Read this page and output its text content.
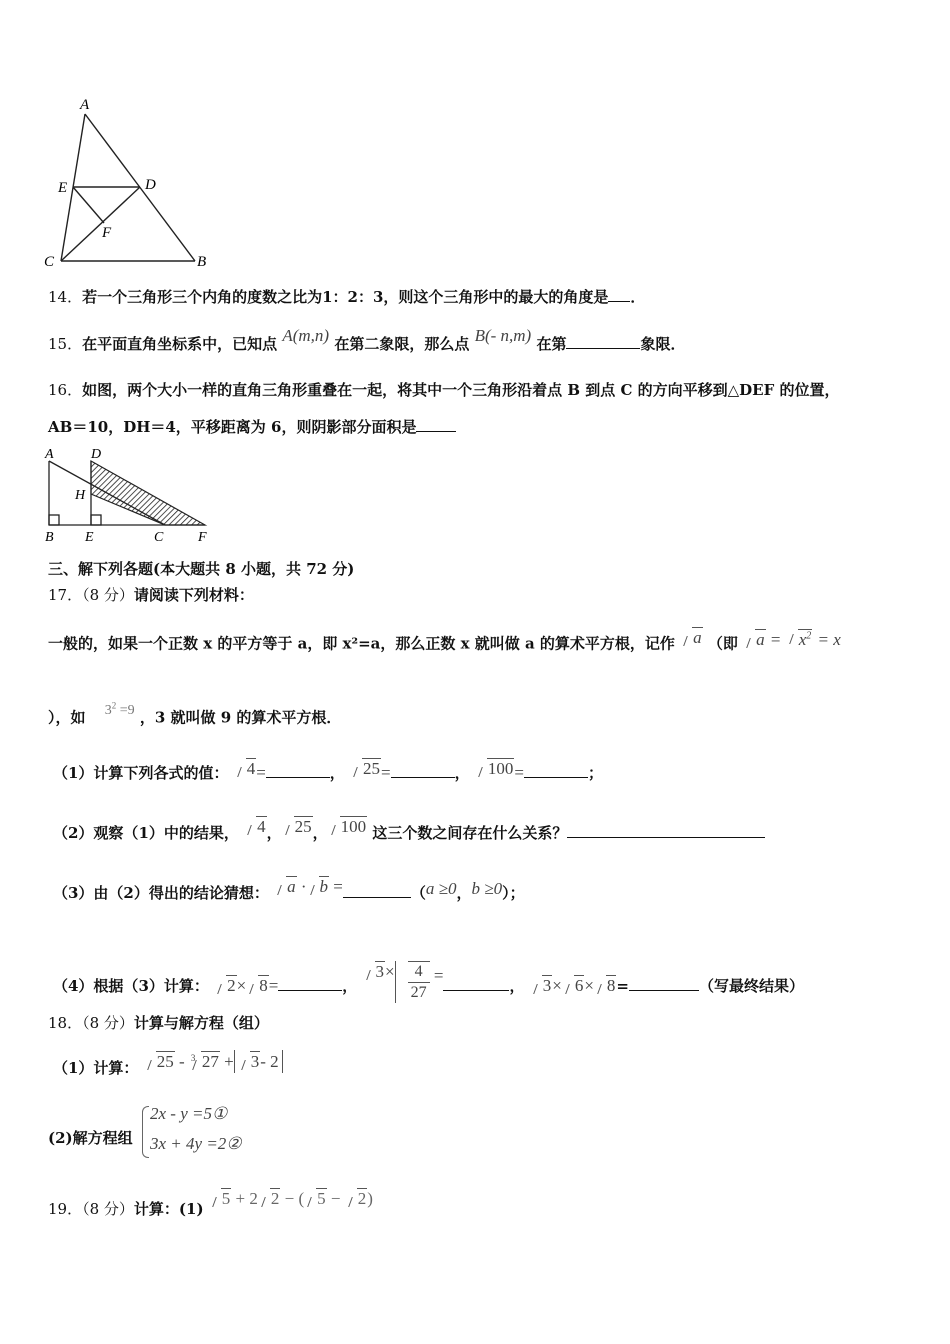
A
E	D
F
C	B
14．若一个三角形三个内角的度数之比为1：2：3，则这个三角形中的最大的角度是 ．
15．在平面直角坐标系中，已知点 A(m,n) 在第二象限，那么点 B(- n,m) 在第	象限．
16．如图，两个大小一样的直角三角形重叠在一起，将其中一个三角形沿着点 B 到点 C 的方向平移到△DEF 的位置，
AB＝10，DH＝4，平移距离为 6，则阴影部分面积是
A	D
H
B E	C F
三、解下列各题(本大题共 8 小题，共 72 分)
17．（8 分）请阅读下列材料：
一般的，如果一个正数 x 的平方等于 a，即 x²=a，那么正数 x 就叫做 a 的算术平方根，记作 a （即 $a = x^2 = x$
），如 $3^2 =9$ ，3 就叫做 9 的算术平方根．
（1）计算下列各式的值： 4=	， 25=	， 100=	；
（2）观察（1）中的结果， 4， 25， 100 这三个数之间存在什么关系？
（3）由（2）得出的结论猜想： a · b =	（a ≥0，b ≥0）；
（4）根据（3）计算： 2× 8=	， $3\times \frac{4}{27}$ =， 3× 6× 8=	（写最终结果）
18．（8 分）计算与解方程（组）
（1）计算： 25 - 3 27 + 3- 2
(2)解方程组
2x - y =5①
3x + 4y =2②
19．（8 分）计算：(1) 5 + 2 2 − ( 5 − 2)
